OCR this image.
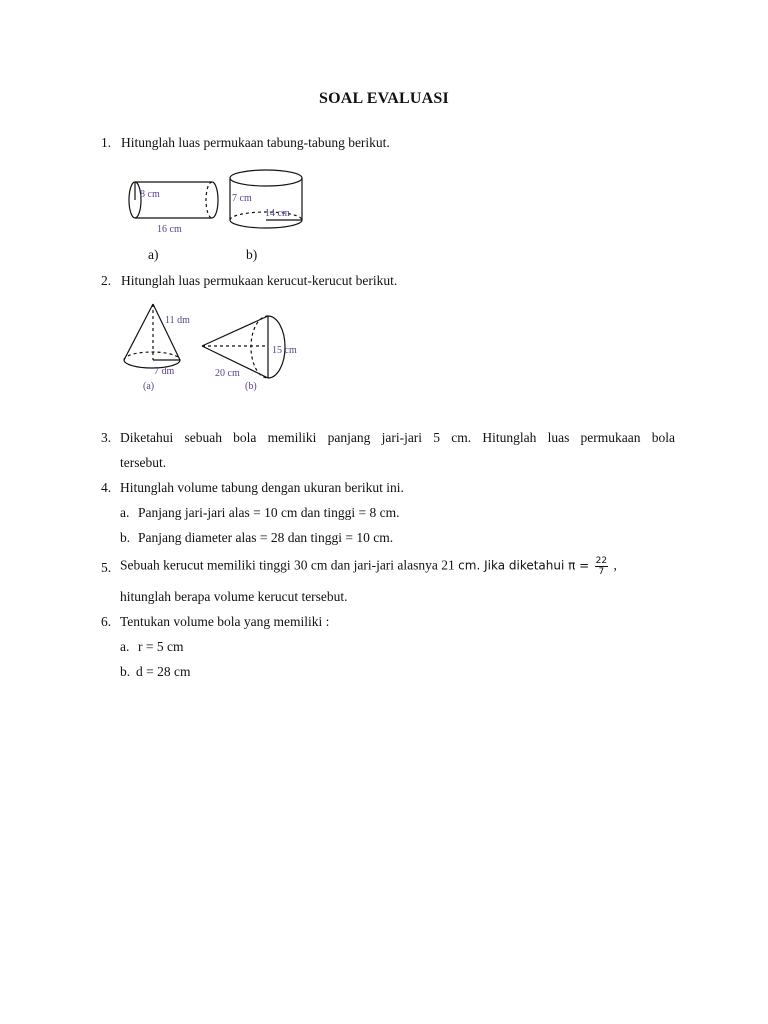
SOAL EVALUASI
1. Hitunglah luas permukaan tabung-tabung berikut.
8 cm
16 cm
7 cm
14 cm
a)	b)
2. Hitunglah luas permukaan kerucut-kerucut berikut.
11 dm
7 dm
(a)
15 cm
20 cm
(b)
3. Diketahui sebuah bola memiliki panjang jari-jari 5 cm. Hitunglah luas permukaan bola
tersebut.
4. Hitunglah volume tabung dengan ukuran berikut ini.
a. Panjang jari-jari alas = 10 cm dan tinggi = 8 cm.
b. Panjang diameter alas = 28 dan tinggi = 10 cm.
5. Sebuah kerucut memiliki tinggi 30 cm dan jari-jari alasnya 21 cm. Jika diketahui $\pi = \frac{22}{7}$ ,
hitunglah berapa volume kerucut tersebut.
6. Tentukan volume bola yang memiliki :
a. r = 5 cm
b. d = 28 cm
